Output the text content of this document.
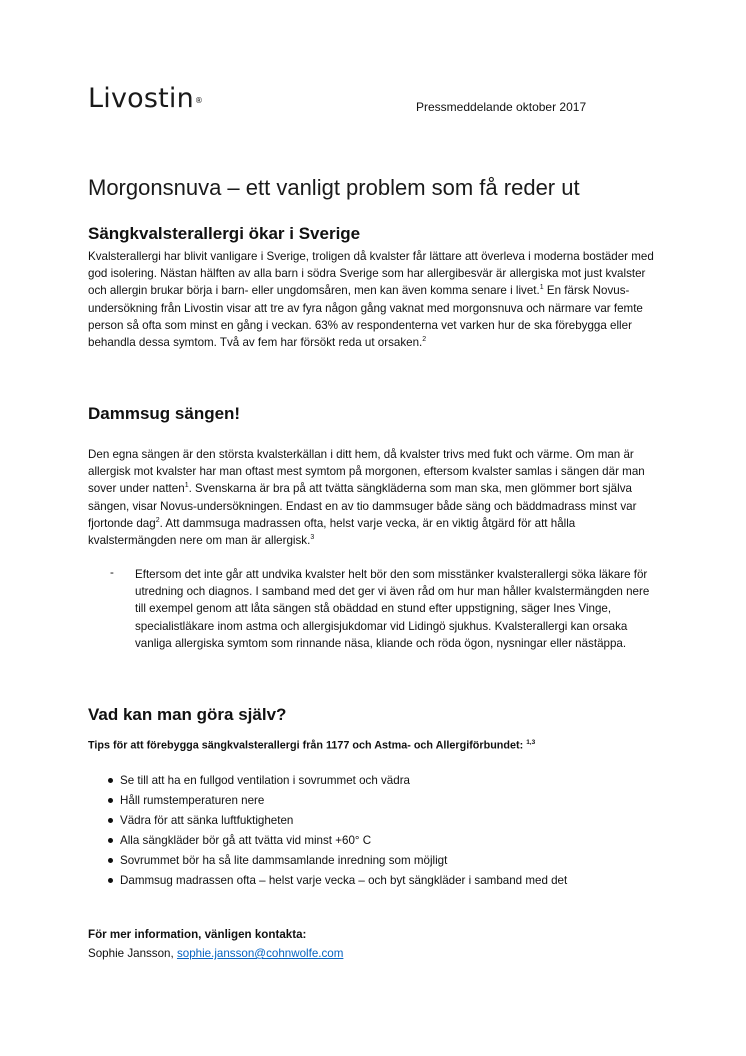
Livostin®	Pressmeddelande oktober 2017
Morgonsnuva – ett vanligt problem som få reder ut
Sängkvalsterallergi ökar i Sverige

Kvalsterallergi har blivit vanligare i Sverige, troligen då kvalster får lättare att överleva i moderna bostäder med god isolering. Nästan hälften av alla barn i södra Sverige som har allergibesvär är allergiska mot just kvalster och allergin brukar börja i barn- eller ungdomsåren, men kan även komma senare i livet.$^1$ En färsk Novus-undersökning från Livostin visar att tre av fyra någon gång vaknat med morgonsnuva och närmare var femte person så ofta som minst en gång i veckan. 63% av respondenterna vet varken hur de ska förebygga eller behandla dessa symtom. Två av fem har försökt reda ut orsaken.$^2$

Dammsug sängen!

Den egna sängen är den största kvalsterkällan i ditt hem, då kvalster trivs med fukt och värme. Om man är allergisk mot kvalster har man oftast mest symtom på morgonen, eftersom kvalster samlas i sängen där man sover under natten$^1$. Svenskarna är bra på att tvätta sängkläderna som man ska, men glömmer bort själva sängen, visar Novus-undersökningen. Endast en av tio dammsuger både säng och bäddmadrass minst var fjortonde dag$^2$. Att dammsuga madrassen ofta, helst varje vecka, är en viktig åtgärd för att hålla kvalstermängden nere om man är allergisk.$^3$

- Eftersom det inte går att undvika kvalster helt bör den som misstänker kvalsterallergi söka läkare för utredning och diagnos. I samband med det ger vi även råd om hur man håller kvalstermängden nere till exempel genom att låta sängen stå obäddad en stund efter uppstigning, säger Ines Vinge, specialistläkare inom astma och allergisjukdomar vid Lidingö sjukhus. Kvalsterallergi kan orsaka vanliga allergiska symtom som rinnande näsa, kliande och röda ögon, nysningar eller nästäppa.

Vad kan man göra själv?

Tips för att förebygga sängkvalsterallergi från 1177 och Astma- och Allergiförbundet: $^{1,3}$

Se till att ha en fullgod ventilation i sovrummet och vädra
Håll rumstemperaturen nere
Vädra för att sänka luftfuktigheten
Alla sängkläder bör gå att tvätta vid minst +60° C
Sovrummet bör ha så lite dammsamlande inredning som möjligt
Dammsug madrassen ofta – helst varje vecka – och byt sängkläder i samband med det

För mer information, vänligen kontakta:

Sophie Jansson, sophie.jansson@cohnwolfe.com
